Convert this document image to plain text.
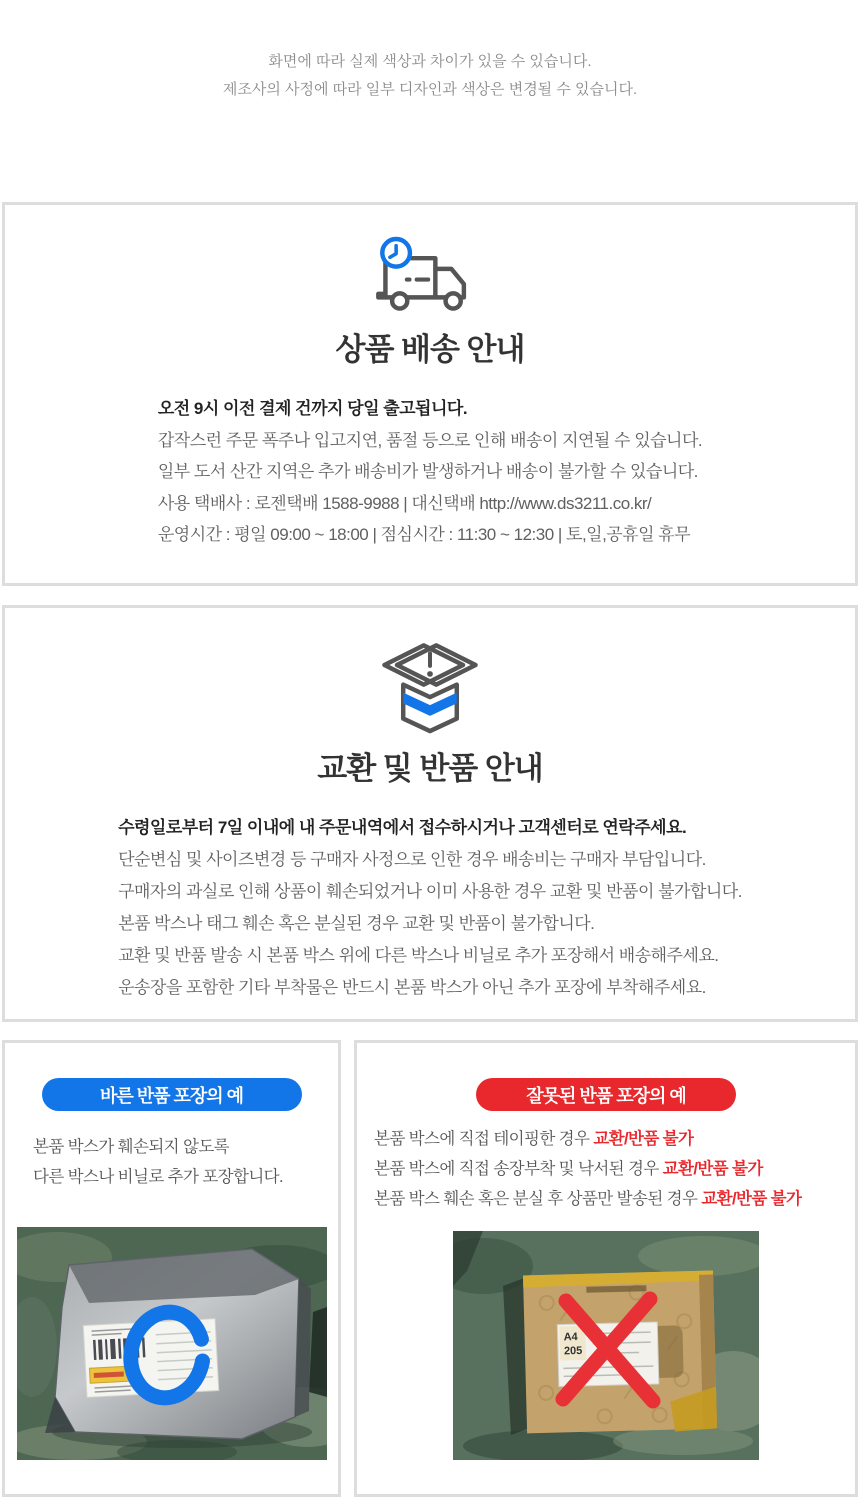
화면에 따라 실제 색상과 차이가 있을 수 있습니다.

제조사의 사정에 따라 일부 디자인과 색상은 변경될 수 있습니다.

상품 배송 안내

오전 9시 이전 결제 건까지 당일 출고됩니다.

갑작스런 주문 폭주나 입고지연, 품절 등으로 인해 배송이 지연될 수 있습니다.

일부 도서 산간 지역은 추가 배송비가 발생하거나 배송이 불가할 수 있습니다.

사용 택배사 : 로젠택배 1588-9988 | 대신택배 http://www.ds3211.co.kr/

운영시간 : 평일 09:00 ~ 18:00 | 점심시간 : 11:30 ~ 12:30 | 토,일,공휴일 휴무

교환 및 반품 안내

수령일로부터 7일 이내에 내 주문내역에서 접수하시거나 고객센터로 연락주세요.

단순변심 및 사이즈변경 등 구매자 사정으로 인한 경우 배송비는 구매자 부담입니다.

구매자의 과실로 인해 상품이 훼손되었거나 이미 사용한 경우 교환 및 반품이 불가합니다.

본품 박스나 태그 훼손 혹은 분실된 경우 교환 및 반품이 불가합니다.

교환 및 반품 발송 시 본품 박스 위에 다른 박스나 비닐로 추가 포장해서 배송해주세요.

운송장을 포함한 기타 부착물은 반드시 본품 박스가 아닌 추가 포장에 부착해주세요.

바른 반품 포장의 예

본품 박스가 훼손되지 않도록

다른 박스나 비닐로 추가 포장합니다.

잘못된 반품 포장의 예

본품 박스에 직접 테이핑한 경우 교환/반품 불가

본품 박스에 직접 송장부착 및 낙서된 경우 교환/반품 불가

본품 박스 훼손 혹은 분실 후 상품만 발송된 경우 교환/반품 불가

A4
205
